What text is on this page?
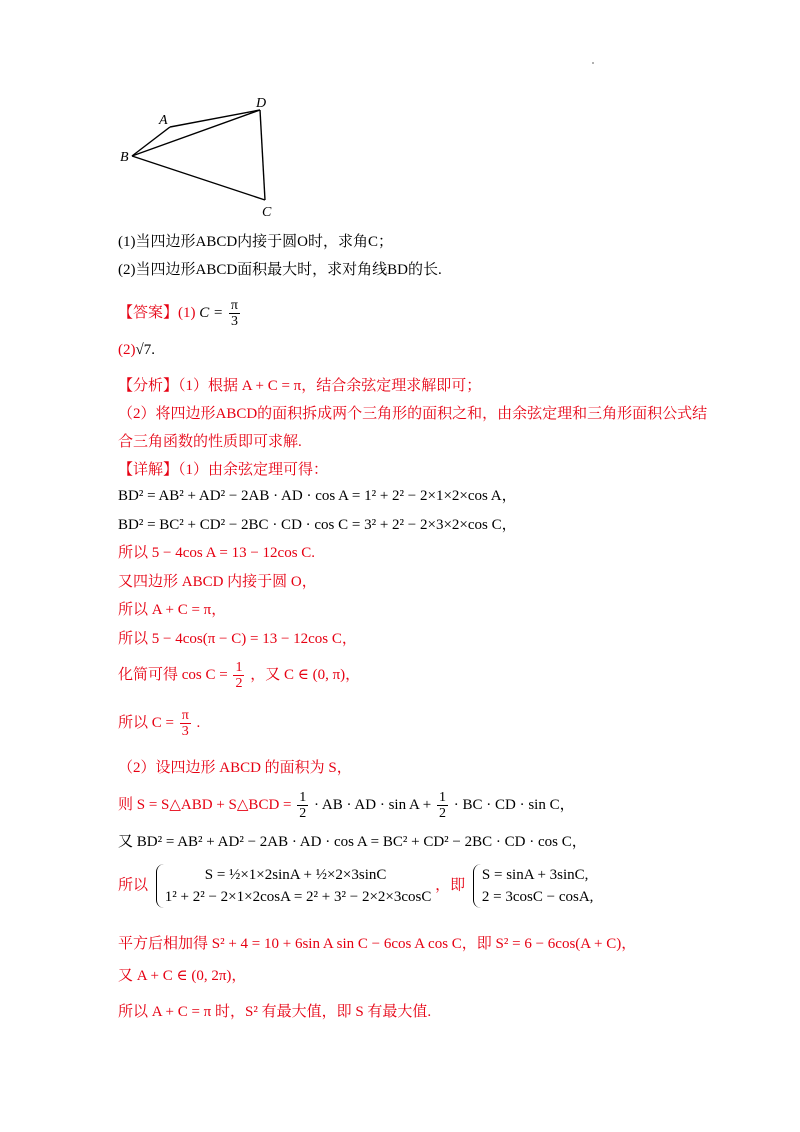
A
B
C
D
(1)当四边形ABCD内接于圆O时，求角C；
(2)当四边形ABCD面积最大时，求对角线BD的长.
【答案】(1) $C = \frac{\pi}{3}$
(2)√7.
【分析】（1）根据 A + C = π，结合余弦定理求解即可；
（2）将四边形ABCD的面积拆成两个三角形的面积之和，由余弦定理和三角形面积公式结
合三角函数的性质即可求解.
【详解】（1）由余弦定理可得：
BD² = AB² + AD² − 2AB · AD · cos A = 1² + 2² − 2×1×2×cos A，
BD² = BC² + CD² − 2BC · CD · cos C = 3² + 2² − 2×3×2×cos C，
所以 5 − 4cos A = 13 − 12cos C.
又四边形 ABCD 内接于圆 O，
所以 A + C = π，
所以 5 − 4cos(π − C) = 13 − 12cos C，
化简可得 $\cos C = \frac{1}{2}$ ，又 C ∈ (0, π)，
所以 $C = \frac{\pi}{3}$ .
（2）设四边形 ABCD 的面积为 S，
则 S = S△ABD + S△BCD = $\frac{1}{2}$ · AB · AD · $\sin A + \frac{1}{2}$ · BC · CD · sin C，
又 BD² = AB² + AD² − 2AB · AD · cos A = BC² + CD² − 2BC · CD · cos C，
所以
S = ½×1×2sinA + ½×2×3sinC
1² + 2² − 2×1×2cosA = 2² + 3² − 2×2×3cosC
，即
S = sinA + 3sinC,
2 = 3cosC − cosA,
平方后相加得 S² + 4 = 10 + 6sin A sin C − 6cos A cos C，即 S² = 6 − 6cos(A + C)，
又 A + C ∈ (0, 2π)，
所以 A + C = π 时，S² 有最大值，即 S 有最大值.
